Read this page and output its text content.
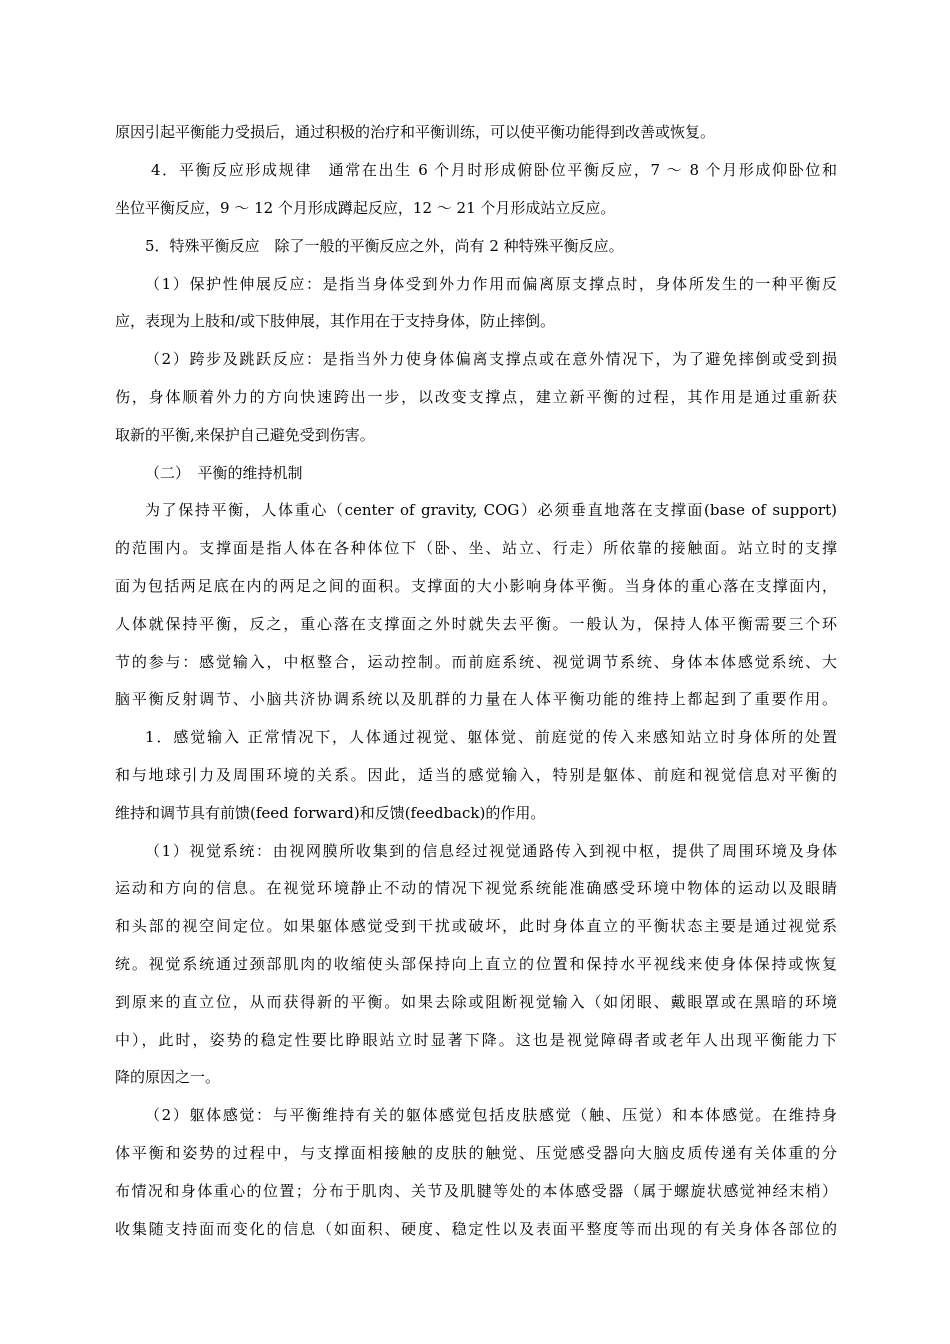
原因引起平衡能力受损后，通过积极的治疗和平衡训练，可以使平衡功能得到改善或恢复。
4．平衡反应形成规律　通常在出生 6 个月时形成俯卧位平衡反应，7 ～ 8 个月形成仰卧位和
坐位平衡反应，9 ～ 12 个月形成蹲起反应，12 ～ 21 个月形成站立反应。
5．特殊平衡反应　除了一般的平衡反应之外，尚有 2 种特殊平衡反应。
（1）保护性伸展反应：是指当身体受到外力作用而偏离原支撑点时，身体所发生的一种平衡反
应，表现为上肢和/或下肢伸展，其作用在于支持身体，防止摔倒。
（2）跨步及跳跃反应：是指当外力使身体偏离支撑点或在意外情况下，为了避免摔倒或受到损
伤，身体顺着外力的方向快速跨出一步，以改变支撑点，建立新平衡的过程，其作用是通过重新获
取新的平衡,来保护自己避免受到伤害。
（二）　平衡的维持机制
为了保持平衡，人体重心（center of gravity, COG）必须垂直地落在支撑面(base of support)
的范围内。支撑面是指人体在各种体位下（卧、坐、站立、行走）所依靠的接触面。站立时的支撑
面为包括两足底在内的两足之间的面积。支撑面的大小影响身体平衡。当身体的重心落在支撑面内，
人体就保持平衡，反之，重心落在支撑面之外时就失去平衡。一般认为，保持人体平衡需要三个环
节的参与：感觉输入，中枢整合，运动控制。而前庭系统、视觉调节系统、身体本体感觉系统、大
脑平衡反射调节、小脑共济协调系统以及肌群的力量在人体平衡功能的维持上都起到了重要作用。
1．感觉输入 正常情况下，人体通过视觉、躯体觉、前庭觉的传入来感知站立时身体所的处置
和与地球引力及周围环境的关系。因此，适当的感觉输入，特别是躯体、前庭和视觉信息对平衡的
维持和调节具有前馈(feed forward)和反馈(feedback)的作用。
（1）视觉系统：由视网膜所收集到的信息经过视觉通路传入到视中枢，提供了周围环境及身体
运动和方向的信息。在视觉环境静止不动的情况下视觉系统能准确感受环境中物体的运动以及眼睛
和头部的视空间定位。如果躯体感觉受到干扰或破坏，此时身体直立的平衡状态主要是通过视觉系
统。视觉系统通过颈部肌肉的收缩使头部保持向上直立的位置和保持水平视线来使身体保持或恢复
到原来的直立位，从而获得新的平衡。如果去除或阻断视觉输入（如闭眼、戴眼罩或在黑暗的环境
中），此时，姿势的稳定性要比睁眼站立时显著下降。这也是视觉障碍者或老年人出现平衡能力下
降的原因之一。
（2）躯体感觉：与平衡维持有关的躯体感觉包括皮肤感觉（触、压觉）和本体感觉。在维持身
体平衡和姿势的过程中，与支撑面相接触的皮肤的触觉、压觉感受器向大脑皮质传递有关体重的分
布情况和身体重心的位置；分布于肌肉、关节及肌腱等处的本体感受器（属于螺旋状感觉神经末梢）
收集随支持面而变化的信息（如面积、硬度、稳定性以及表面平整度等而出现的有关身体各部位的
